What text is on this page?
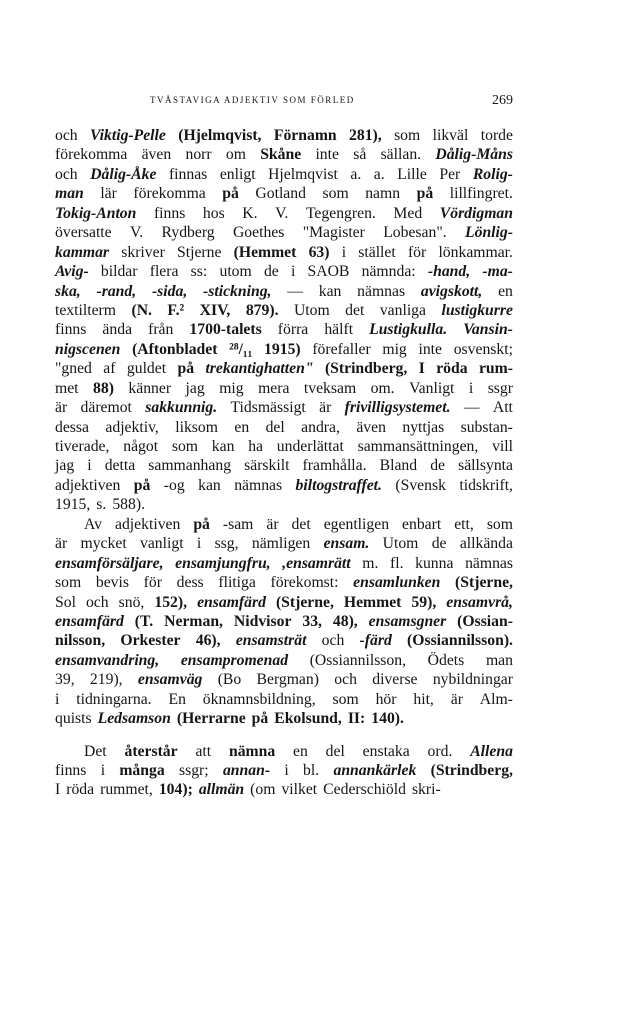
TVÅSTAVIGA ADJEKTIV SOM FÖRLED	269
och Viktig-Pelle (Hjelmqvist, Förnamn 281), som likväl torde
förekomma även norr om Skåne inte så sällan. Dålig-Måns
och Dålig-Åke finnas enligt Hjelmqvist a. a. Lille Per Rolig-
man lär förekomma på Gotland som namn på lillfingret.
Tokig-Anton finns hos K. V. Tegengren. Med Vördigman
översatte V. Rydberg Goethes "Magister Lobesan". Lönlig-
kammar skriver Stjerne (Hemmet 63) i stället för lönkammar.
Avig- bildar flera ss: utom de i SAOB nämnda: -hand, -ma-
ska, -rand, -sida, -stickning, — kan nämnas avigskott, en
textilterm (N. F.² XIV, 879). Utom det vanliga lustigkurre
finns ända från 1700-talets förra hälft Lustigkulla. Vansin-
nigscenen (Aftonbladet ²⁸/₁₁ 1915) förefaller mig inte osvenskt;
"gned af guldet på trekantighatten" (Strindberg, I röda rum-
met 88) känner jag mig mera tveksam om. Vanligt i ssgr
är däremot sakkunnig. Tidsmässigt är frivilligsystemet. — Att
dessa adjektiv, liksom en del andra, även nyttjas substan-
tiverade, något som kan ha underlättat sammansättningen, vill
jag i detta sammanhang särskilt framhålla. Bland de sällsynta
adjektiven på -og kan nämnas biltogstraffet. (Svensk tidskrift,
1915, s. 588).
Av adjektiven på -sam är det egentligen enbart ett, som
är mycket vanligt i ssg, nämligen ensam. Utom de allkända
ensamförsäljare, ensamjungfru, ,ensamrätt m. fl. kunna nämnas
som bevis för dess flitiga förekomst: ensamlunken (Stjerne,
Sol och snö, 152), ensamfärd (Stjerne, Hemmet 59), ensamvrå,
ensamfärd (T. Nerman, Nidvisor 33, 48), ensamsgner (Ossian-
nilsson, Orkester 46), ensamsträt och -färd (Ossiannilsson).
ensamvandring, ensampromenad (Ossiannilsson, Ödets man
39, 219), ensamväg (Bo Bergman) och diverse nybildningar
i tidningarna. En öknamnsbildning, som hör hit, är Alm-
quists Ledsamson (Herrarne på Ekolsund, II: 140).
Det återstår att nämna en del enstaka ord. Allena
finns i många ssgr; annan- i bl. annankärlek (Strindberg,
I röda rummet, 104); allmän (om vilket Cederschiöld skri-
